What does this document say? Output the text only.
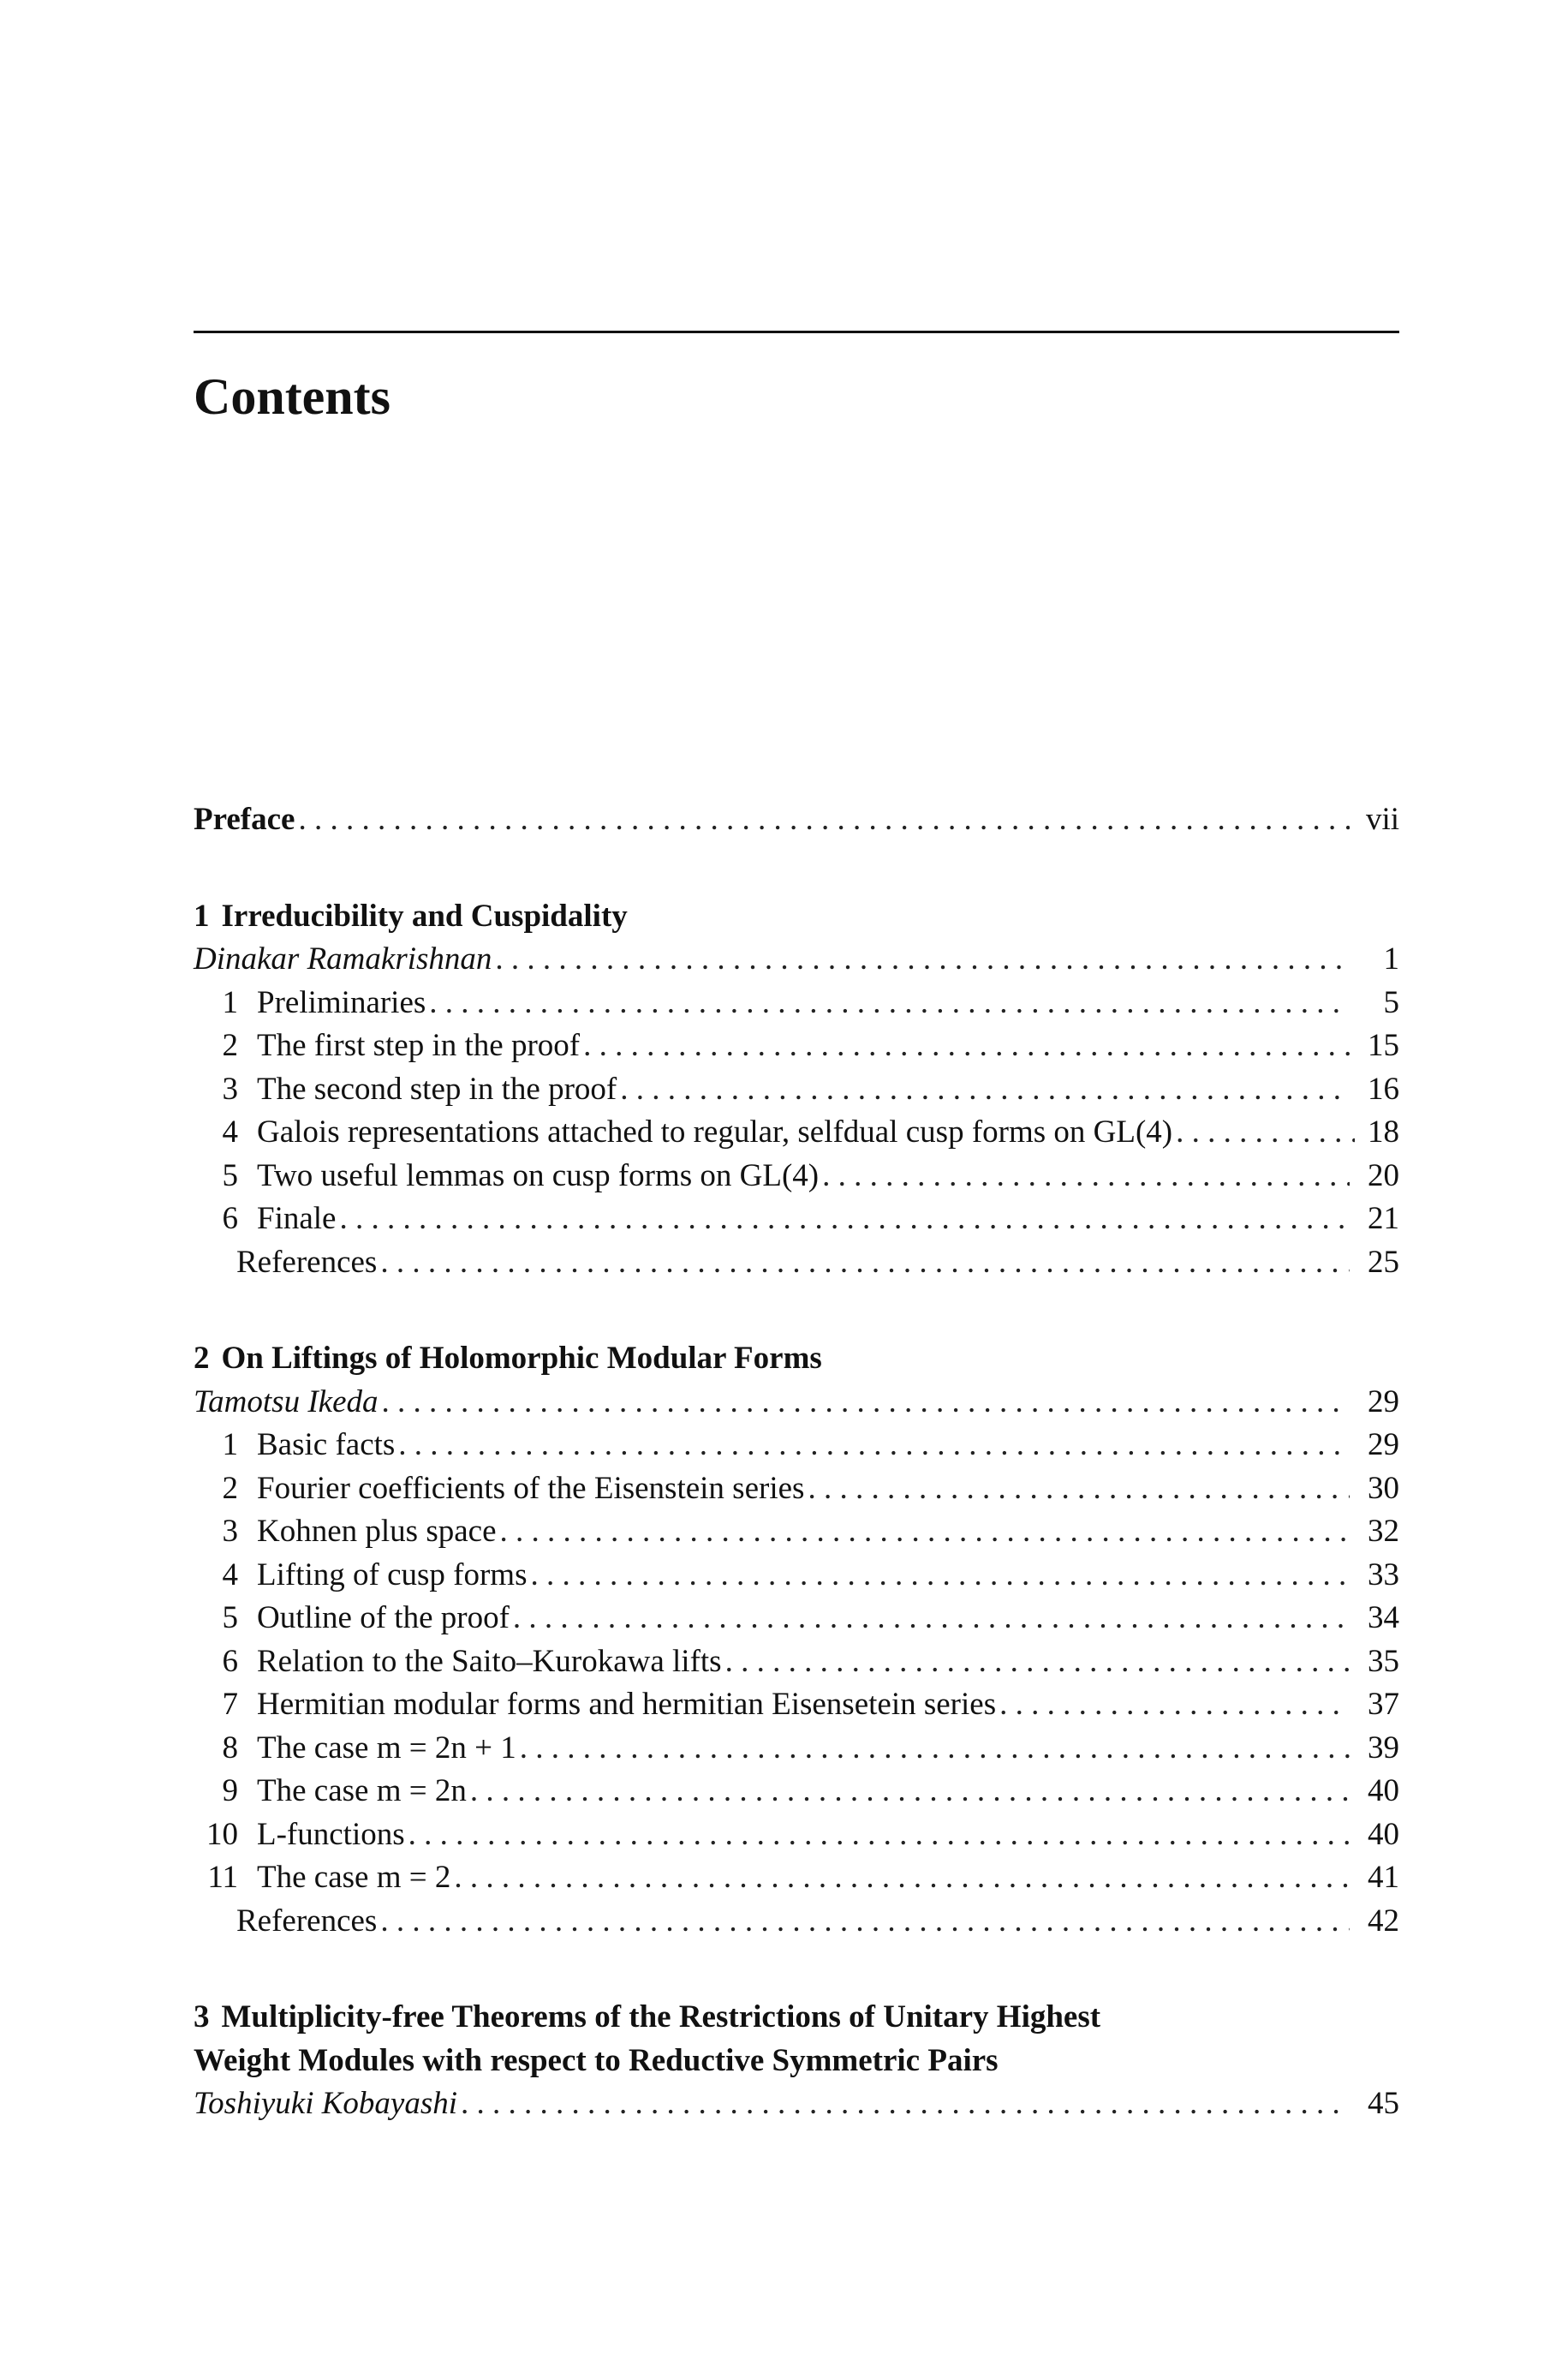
Contents
Preface . . .	vii
1 Irreducibility and Cuspidality
Dinakar Ramakrishnan . . .	1
1 Preliminaries . . .	5
2 The first step in the proof . . .	15
3 The second step in the proof . . .	16
4 Galois representations attached to regular, selfdual cusp forms on GL(4) . . .	18
5 Two useful lemmas on cusp forms on GL(4) . . .	20
6 Finale . . .	21
References . . .	25
2 On Liftings of Holomorphic Modular Forms
Tamotsu Ikeda . . .	29
1 Basic facts . . .	29
2 Fourier coefficients of the Eisenstein series . . .	30
3 Kohnen plus space . . .	32
4 Lifting of cusp forms . . .	33
5 Outline of the proof . . .	34
6 Relation to the Saito–Kurokawa lifts . . .	35
7 Hermitian modular forms and hermitian Eisensetein series . . .	37
8 The case m = 2n + 1 . . .	39
9 The case m = 2n . . .	40
10 L-functions . . .	40
11 The case m = 2 . . .	41
References . . .	42
3 Multiplicity-free Theorems of the Restrictions of Unitary Highest
Weight Modules with respect to Reductive Symmetric Pairs
Toshiyuki Kobayashi . . .	45
